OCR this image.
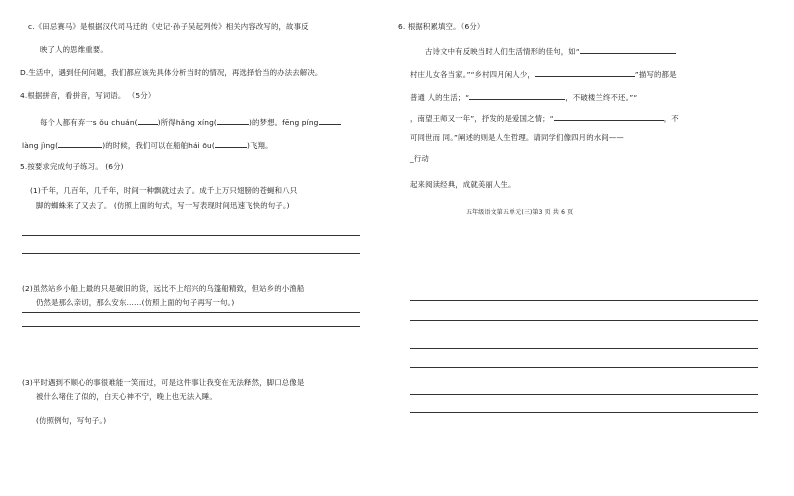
c.《田忌赛马》是根据汉代司马迁的《史记·孙子吴起列传》相关内容改写的，故事反
映了人的思维重要。
D.生活中，遇到任何问题，我们都应该先具体分析当时的情况，再选择恰当的办法去解决。
4.根据拼音，看拼音，写词语。 （5分）
每个人都有弃一s ǒu chuán(	)所得hǎng xíng(	)的梦想。fēng píng
làng jìng(	)的时候，我们可以在船舶hái ōu(	)飞翔。
5.按要求完成句子练习。 (6分)
(1)千年，几百年，几千年，时间一种飘就过去了。成千上万只翅膀的苍蝇和八只
脚的蜘蛛来了又去了。 (仿照上面的句式，写一写表现时间迅速飞快的句子。)
(2)虽然站乡小船上最的只是破旧的货，远比不上绍兴的乌篷船精致，但站乡的小渔船
仍然是那么亲切，那么安东……(仿照上面的句子再写一句。)
(3)平时遇到不顺心的事很难能一笑而过，可是这件事让我变在无法释然，脚口总像是
被什么堵住了似的，白天心神不宁，晚上也无法入睡。
(仿照例句，写句子。)
6. 根据积累填空。（6分）
古诗文中有反映当时人们生活情形的佳句，如“
村庄儿女各当家。”“乡村四月闲人少，	”描写的都是
普通 人的生活；“	，不破楼兰终不还。”“
，南望王师又一年”，抒发的是爱国之情；“	，不
可同世而 同。”阐述的则是人生哲理。请同学们像四月的水间——
_行动
起来阅读经典，成就美丽人生。
五年级语文第五单元(三)第3 页 共 6 页
